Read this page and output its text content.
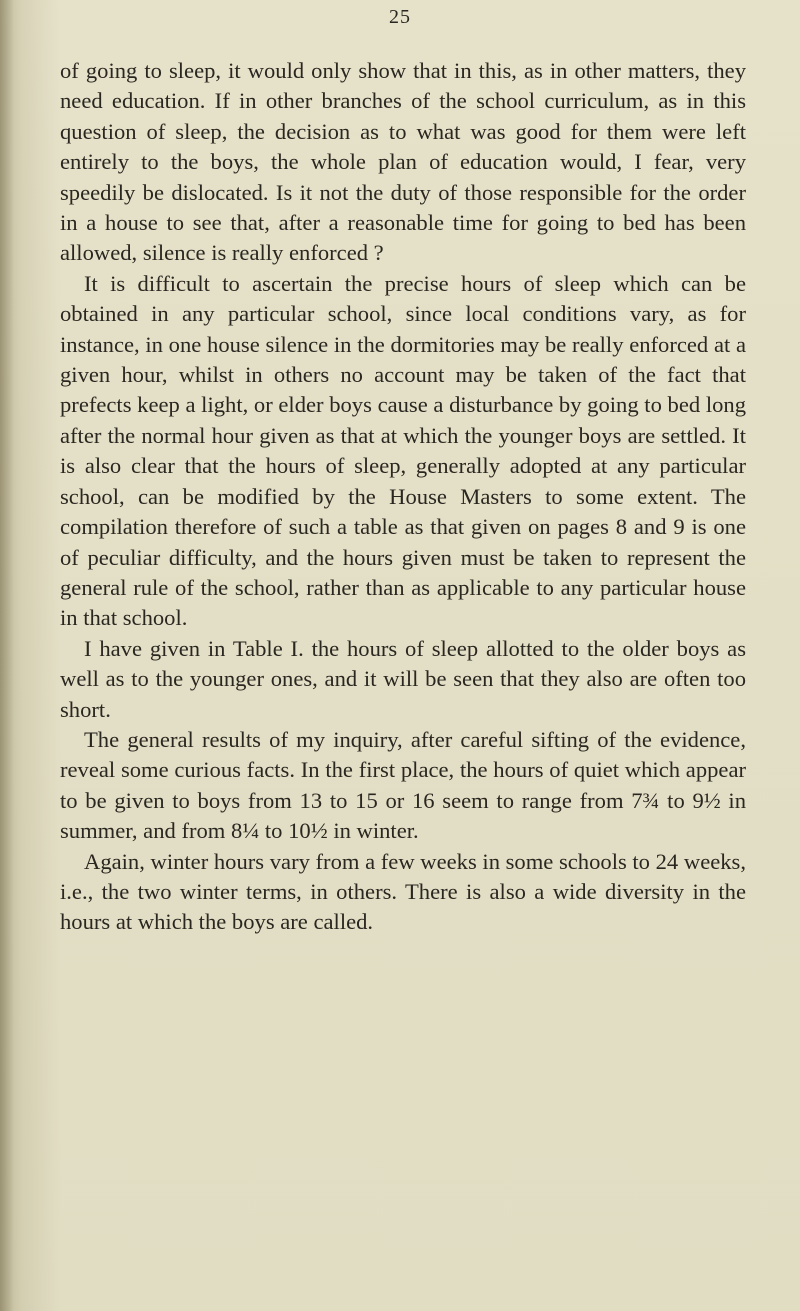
25

of going to sleep, it would only show that in this, as in other matters, they need education. If in other branches of the school curriculum, as in this question of sleep, the decision as to what was good for them were left entirely to the boys, the whole plan of education would, I fear, very speedily be dislocated. Is it not the duty of those responsible for the order in a house to see that, after a reasonable time for going to bed has been allowed, silence is really enforced ?

It is difficult to ascertain the precise hours of sleep which can be obtained in any particular school, since local conditions vary, as for instance, in one house silence in the dormitories may be really enforced at a given hour, whilst in others no account may be taken of the fact that prefects keep a light, or elder boys cause a disturbance by going to bed long after the normal hour given as that at which the younger boys are settled. It is also clear that the hours of sleep, generally adopted at any particular school, can be modified by the House Masters to some extent. The compilation therefore of such a table as that given on pages 8 and 9 is one of peculiar difficulty, and the hours given must be taken to represent the general rule of the school, rather than as applicable to any particular house in that school.

I have given in Table I. the hours of sleep allotted to the older boys as well as to the younger ones, and it will be seen that they also are often too short.

The general results of my inquiry, after careful sifting of the evidence, reveal some curious facts. In the first place, the hours of quiet which appear to be given to boys from 13 to 15 or 16 seem to range from 7¾ to 9½ in summer, and from 8¼ to 10½ in winter.

Again, winter hours vary from a few weeks in some schools to 24 weeks, i.e., the two winter terms, in others. There is also a wide diversity in the hours at which the boys are called.
